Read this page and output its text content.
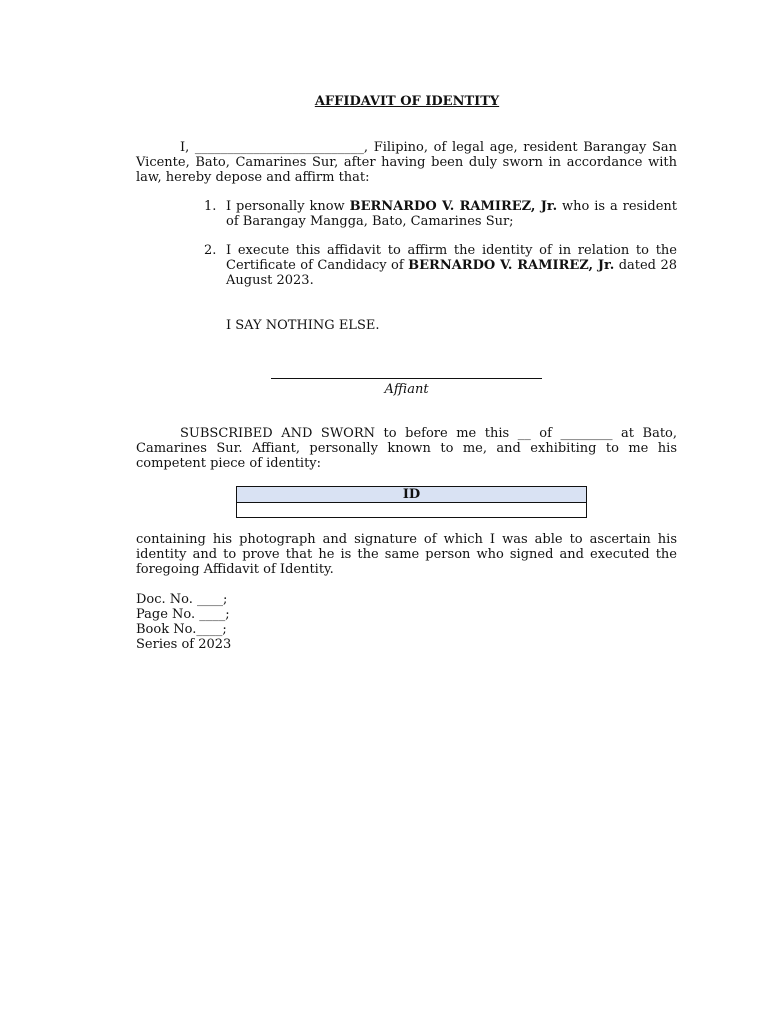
AFFIDAVIT OF IDENTITY
I, __________________________, Filipino, of legal age, resident Barangay San Vicente, Bato, Camarines Sur, after having been duly sworn in accordance with law, hereby depose and affirm that:
1. I personally know BERNARDO V. RAMIREZ, Jr. who is a resident of Barangay Mangga, Bato, Camarines Sur;
2. I execute this affidavit to affirm the identity of in relation to the Certificate of Candidacy of BERNARDO V. RAMIREZ, Jr. dated 28 August 2023.
I SAY NOTHING ELSE.
Affiant
SUBSCRIBED AND SWORN to before me this __ of ________ at Bato, Camarines Sur. Affiant, personally known to me, and exhibiting to me his competent piece of identity:
ID

containing his photograph and signature of which I was able to ascertain his identity and to prove that he is the same person who signed and executed the foregoing Affidavit of Identity.
Doc. No. ____;
Page No. ____;
Book No.____;
Series of 2023
